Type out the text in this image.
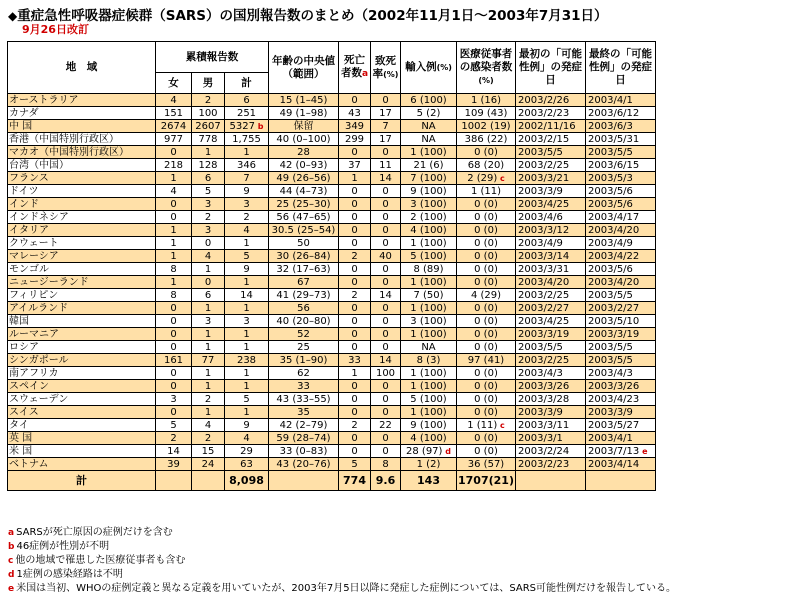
◆重症急性呼吸器症候群（SARS）の国別報告数のまとめ（2002年11月1日〜2003年7月31日）
9月26日改訂
地　域	累積報告数			年齢の中央値（範囲）	死亡者数a	致死率(%)	輸入例(%)	医療従事者の感染者数(%)	最初の「可能性例」の発症日	最終の「可能性例」の発症日
	女	男	計							
オーストラリア	4	2	6	15 (1–45)	0	0	6 (100)	1 (16)	2003/2/26	2003/4/1
カナダ	151	100	251	49 (1–98)	43	17	5 (2)	109 (43)	2003/2/23	2003/6/12
中 国	2674	2607	5327 b	保留	349	7	NA	1002 (19)	2002/11/16	2003/6/3
香港（中国特別行政区）	977	778	1,755	40 (0–100)	299	17	NA	386 (22)	2003/2/15	2003/5/31
マカオ（中国特別行政区）	0	1	1	28	0	0	1 (100)	0 (0)	2003/5/5	2003/5/5
台湾（中国）	218	128	346	42 (0–93)	37	11	21 (6)	68 (20)	2003/2/25	2003/6/15
フランス	1	6	7	49 (26–56)	1	14	7 (100)	2 (29) c	2003/3/21	2003/5/3
ドイツ	4	5	9	44 (4–73)	0	0	9 (100)	1 (11)	2003/3/9	2003/5/6
インド	0	3	3	25 (25–30)	0	0	3 (100)	0 (0)	2003/4/25	2003/5/6
インドネシア	0	2	2	56 (47–65)	0	0	2 (100)	0 (0)	2003/4/6	2003/4/17
イタリア	1	3	4	30.5 (25–54)	0	0	4 (100)	0 (0)	2003/3/12	2003/4/20
クウェート	1	0	1	50	0	0	1 (100)	0 (0)	2003/4/9	2003/4/9
マレーシア	1	4	5	30 (26–84)	2	40	5 (100)	0 (0)	2003/3/14	2003/4/22
モンゴル	8	1	9	32 (17–63)	0	0	8 (89)	0 (0)	2003/3/31	2003/5/6
ニュージーランド	1	0	1	67	0	0	1 (100)	0 (0)	2003/4/20	2003/4/20
フィリピン	8	6	14	41 (29–73)	2	14	7 (50)	4 (29)	2003/2/25	2003/5/5
アイルランド	0	1	1	56	0	0	1 (100)	0 (0)	2003/2/27	2003/2/27
韓国	0	3	3	40 (20–80)	0	0	3 (100)	0 (0)	2003/4/25	2003/5/10
ルーマニア	0	1	1	52	0	0	1 (100)	0 (0)	2003/3/19	2003/3/19
ロシア	0	1	1	25	0	0	NA	0 (0)	2003/5/5	2003/5/5
シンガポール	161	77	238	35 (1–90)	33	14	8 (3)	97 (41)	2003/2/25	2003/5/5
南アフリカ	0	1	1	62	1	100	1 (100)	0 (0)	2003/4/3	2003/4/3
スペイン	0	1	1	33	0	0	1 (100)	0 (0)	2003/3/26	2003/3/26
スウェーデン	3	2	5	43 (33–55)	0	0	5 (100)	0 (0)	2003/3/28	2003/4/23
スイス	0	1	1	35	0	0	1 (100)	0 (0)	2003/3/9	2003/3/9
タイ	5	4	9	42 (2–79)	2	22	9 (100)	1 (11) c	2003/3/11	2003/5/27
英 国	2	2	4	59 (28–74)	0	0	4 (100)	0 (0)	2003/3/1	2003/4/1
米 国	14	15	29	33 (0–83)	0	0	28 (97) d	0 (0)	2003/2/24	2003/7/13 e
ベトナム	39	24	63	43 (20–76)	5	8	1 (2)	36 (57)	2003/2/23	2003/4/14
計			8,098		774	9.6	143	1707(21)		
a SARSが死亡原因の症例だけを含む
b 46症例が性別が不明
c 他の地域で罹患した医療従事者も含む
d 1症例の感染経路は不明
e 米国は当初、WHOの症例定義と異なる定義を用いていたが、2003年7月5日以降に発症した症例については、SARS可能性例だけを報告している。
